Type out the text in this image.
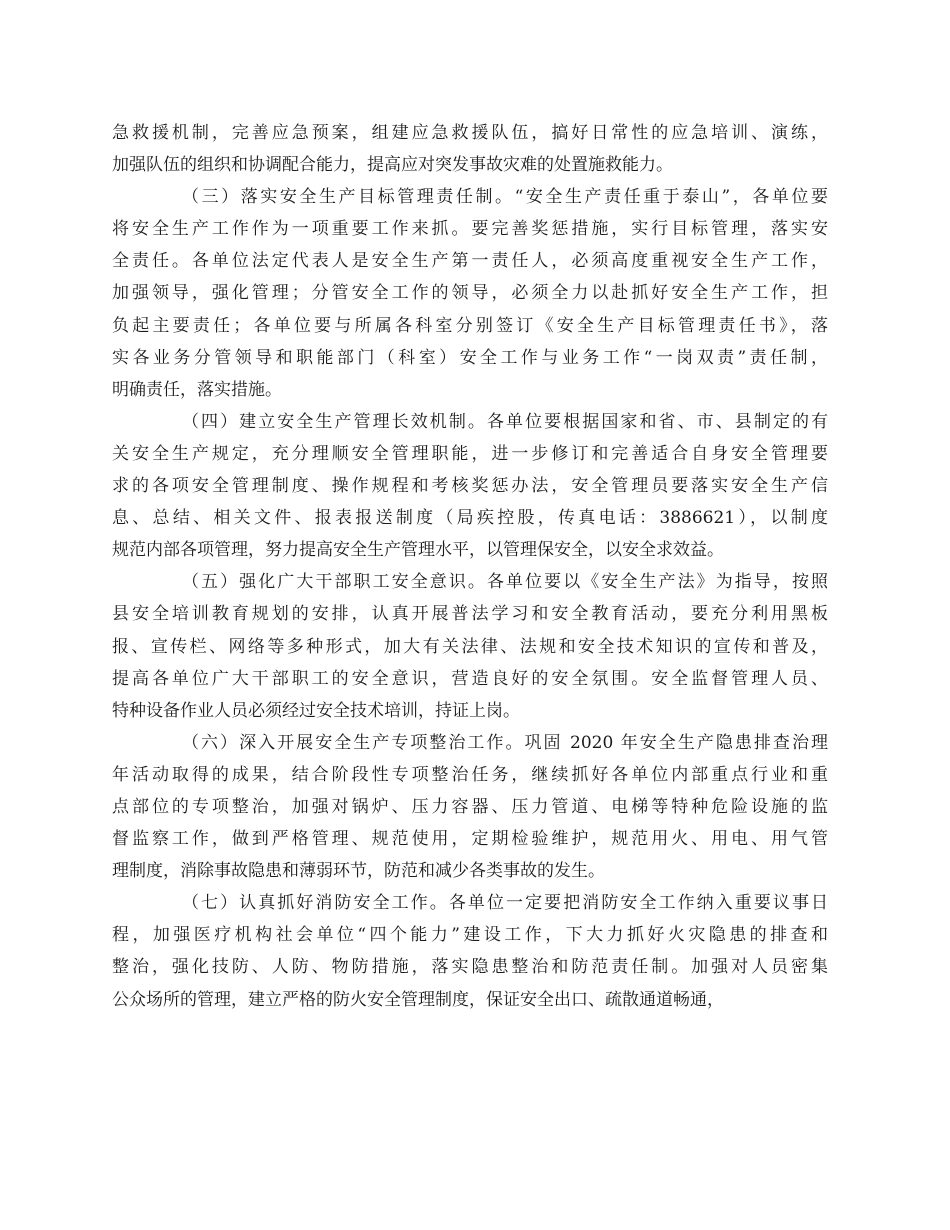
急救援机制，完善应急预案，组建应急救援队伍，搞好日常性的应急培训、演练，
加强队伍的组织和协调配合能力，提高应对突发事故灾难的处置施救能力。
（三）落实安全生产目标管理责任制。“安全生产责任重于泰山”，各单位要
将安全生产工作作为一项重要工作来抓。要完善奖惩措施，实行目标管理，落实安
全责任。各单位法定代表人是安全生产第一责任人，必须高度重视安全生产工作，
加强领导，强化管理；分管安全工作的领导，必须全力以赴抓好安全生产工作，担
负起主要责任；各单位要与所属各科室分别签订《安全生产目标管理责任书》，落
实各业务分管领导和职能部门（科室）安全工作与业务工作“一岗双责”责任制，
明确责任，落实措施。
（四）建立安全生产管理长效机制。各单位要根据国家和省、市、县制定的有
关安全生产规定，充分理顺安全管理职能，进一步修订和完善适合自身安全管理要
求的各项安全管理制度、操作规程和考核奖惩办法，安全管理员要落实安全生产信
息、总结、相关文件、报表报送制度（局疾控股，传真电话：3886621），以制度
规范内部各项管理，努力提高安全生产管理水平，以管理保安全，以安全求效益。
（五）强化广大干部职工安全意识。各单位要以《安全生产法》为指导，按照
县安全培训教育规划的安排，认真开展普法学习和安全教育活动，要充分利用黑板
报、宣传栏、网络等多种形式，加大有关法律、法规和安全技术知识的宣传和普及，
提高各单位广大干部职工的安全意识，营造良好的安全氛围。安全监督管理人员、
特种设备作业人员必须经过安全技术培训，持证上岗。
（六）深入开展安全生产专项整治工作。巩固 2020 年安全生产隐患排查治理
年活动取得的成果，结合阶段性专项整治任务，继续抓好各单位内部重点行业和重
点部位的专项整治，加强对锅炉、压力容器、压力管道、电梯等特种危险设施的监
督监察工作，做到严格管理、规范使用，定期检验维护，规范用火、用电、用气管
理制度，消除事故隐患和薄弱环节，防范和减少各类事故的发生。
（七）认真抓好消防安全工作。各单位一定要把消防安全工作纳入重要议事日
程，加强医疗机构社会单位“四个能力”建设工作，下大力抓好火灾隐患的排查和
整治，强化技防、人防、物防措施，落实隐患整治和防范责任制。加强对人员密集
公众场所的管理，建立严格的防火安全管理制度，保证安全出口、疏散通道畅通，
